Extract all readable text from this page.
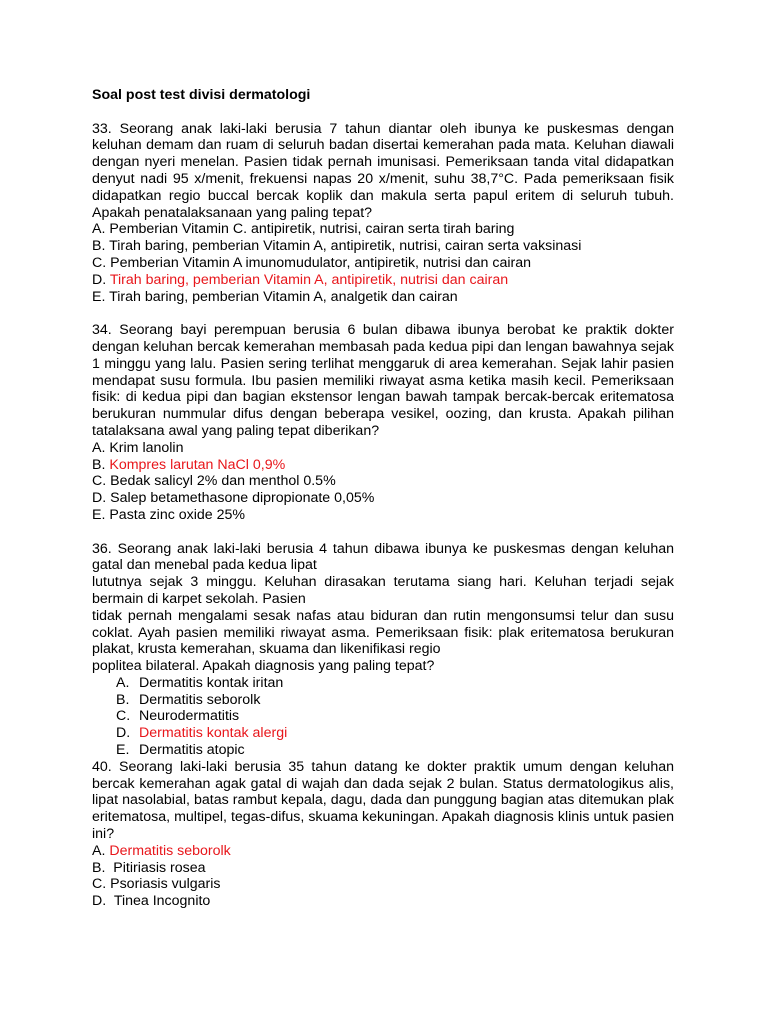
Soal post test divisi dermatologi

33. Seorang anak laki-laki berusia 7 tahun diantar oleh ibunya ke puskesmas dengan keluhan demam dan ruam di seluruh badan disertai kemerahan pada mata. Keluhan diawali dengan nyeri menelan. Pasien tidak pernah imunisasi. Pemeriksaan tanda vital didapatkan denyut nadi 95 x/menit, frekuensi napas 20 x/menit, suhu 38,7°C. Pada pemeriksaan fisik didapatkan regio buccal bercak koplik dan makula serta papul eritem di seluruh tubuh. Apakah penatalaksanaan yang paling tepat?

A. Pemberian Vitamin C. antipiretik, nutrisi, cairan serta tirah baring

B. Tirah baring, pemberian Vitamin A, antipiretik, nutrisi, cairan serta vaksinasi

C. Pemberian Vitamin A imunomudulator, antipiretik, nutrisi dan cairan

D. Tirah baring, pemberian Vitamin A, antipiretik, nutrisi dan cairan

E. Tirah baring, pemberian Vitamin A, analgetik dan cairan

34. Seorang bayi perempuan berusia 6 bulan dibawa ibunya berobat ke praktik dokter dengan keluhan bercak kemerahan membasah pada kedua pipi dan lengan bawahnya sejak 1 minggu yang lalu. Pasien sering terlihat menggaruk di area kemerahan. Sejak lahir pasien mendapat susu formula. Ibu pasien memiliki riwayat asma ketika masih kecil. Pemeriksaan fisik: di kedua pipi dan bagian ekstensor lengan bawah tampak bercak-bercak eritematosa berukuran nummular difus dengan beberapa vesikel, oozing, dan krusta. Apakah pilihan tatalaksana awal yang paling tepat diberikan?

A. Krim lanolin

B. Kompres larutan NaCl 0,9%

C. Bedak salicyl 2% dan menthol 0.5%

D. Salep betamethasone dipropionate 0,05%

E. Pasta zinc oxide 25%

36. Seorang anak laki-laki berusia 4 tahun dibawa ibunya ke puskesmas dengan keluhan gatal dan menebal pada kedua lipat

lututnya sejak 3 minggu. Keluhan dirasakan terutama siang hari. Keluhan terjadi sejak bermain di karpet sekolah. Pasien

tidak pernah mengalami sesak nafas atau biduran dan rutin mengonsumsi telur dan susu coklat. Ayah pasien memiliki riwayat asma. Pemeriksaan fisik: plak eritematosa berukuran plakat, krusta kemerahan, skuama dan likenifikasi regio

poplitea bilateral. Apakah diagnosis yang paling tepat?

A. Dermatitis kontak iritan

B. Dermatitis seborolk

C. Neurodermatitis

D. Dermatitis kontak alergi

E. Dermatitis atopic

40. Seorang laki-laki berusia 35 tahun datang ke dokter praktik umum dengan keluhan bercak kemerahan agak gatal di wajah dan dada sejak 2 bulan. Status dermatologikus alis, lipat nasolabial, batas rambut kepala, dagu, dada dan punggung bagian atas ditemukan plak eritematosa, multipel, tegas-difus, skuama kekuningan. Apakah diagnosis klinis untuk pasien ini?

A. Dermatitis seborolk

B.  Pitiriasis rosea

C. Psoriasis vulgaris

D.  Tinea Incognito
